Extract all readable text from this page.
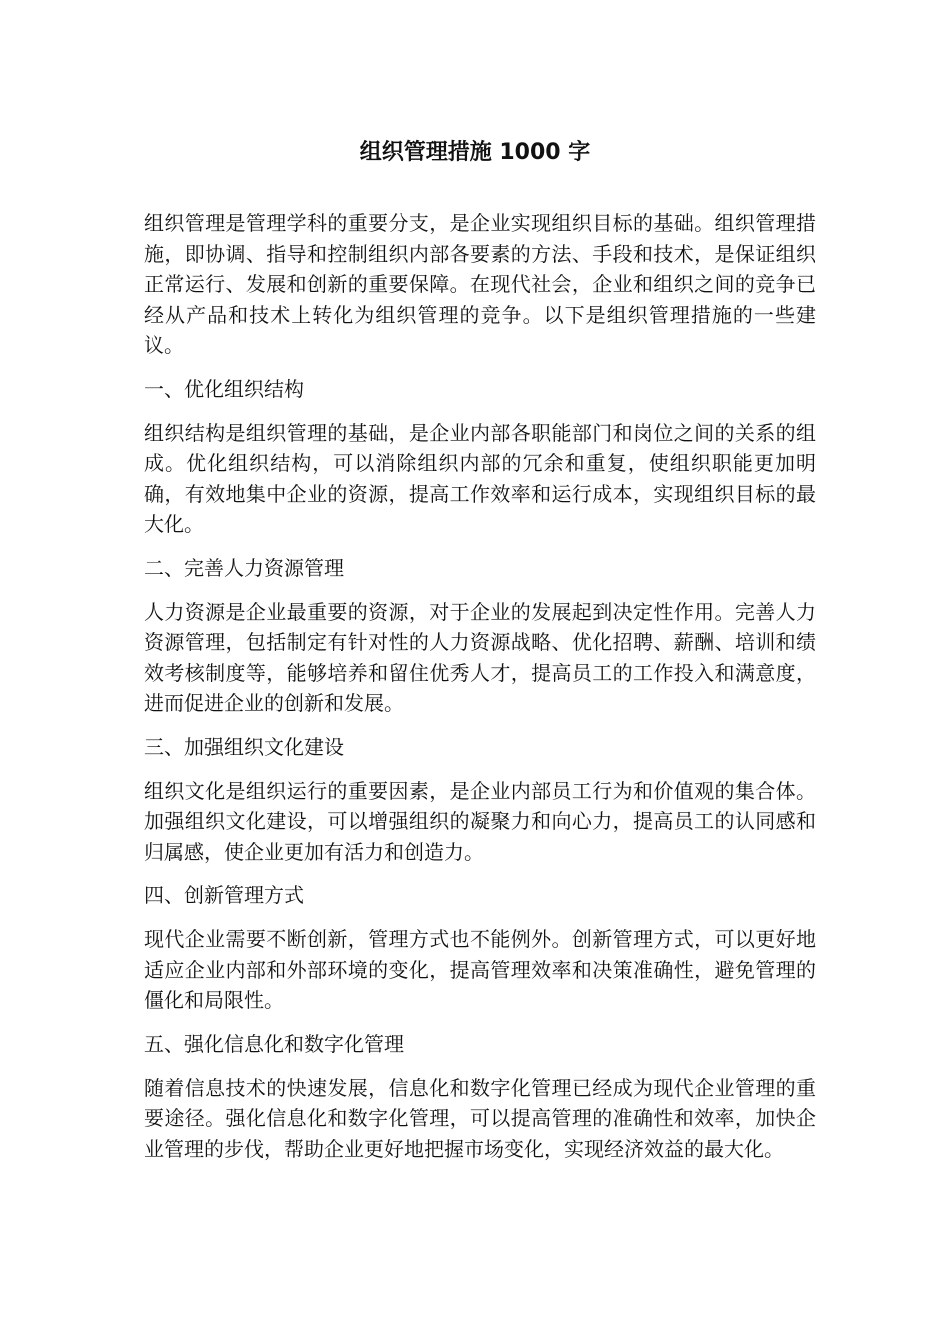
组织管理措施 1000 字

组织管理是管理学科的重要分支，是企业实现组织目标的基础。组织管理措施，即协调、指导和控制组织内部各要素的方法、手段和技术，是保证组织正常运行、发展和创新的重要保障。在现代社会，企业和组织之间的竞争已经从产品和技术上转化为组织管理的竞争。以下是组织管理措施的一些建议。

一、优化组织结构

组织结构是组织管理的基础，是企业内部各职能部门和岗位之间的关系的组成。优化组织结构，可以消除组织内部的冗余和重复，使组织职能更加明确，有效地集中企业的资源，提高工作效率和运行成本，实现组织目标的最大化。

二、完善人力资源管理

人力资源是企业最重要的资源，对于企业的发展起到决定性作用。完善人力资源管理，包括制定有针对性的人力资源战略、优化招聘、薪酬、培训和绩效考核制度等，能够培养和留住优秀人才，提高员工的工作投入和满意度，进而促进企业的创新和发展。

三、加强组织文化建设

组织文化是组织运行的重要因素，是企业内部员工行为和价值观的集合体。加强组织文化建设，可以增强组织的凝聚力和向心力，提高员工的认同感和归属感，使企业更加有活力和创造力。

四、创新管理方式

现代企业需要不断创新，管理方式也不能例外。创新管理方式，可以更好地适应企业内部和外部环境的变化，提高管理效率和决策准确性，避免管理的僵化和局限性。

五、强化信息化和数字化管理

随着信息技术的快速发展，信息化和数字化管理已经成为现代企业管理的重要途径。强化信息化和数字化管理，可以提高管理的准确性和效率，加快企业管理的步伐，帮助企业更好地把握市场变化，实现经济效益的最大化。
